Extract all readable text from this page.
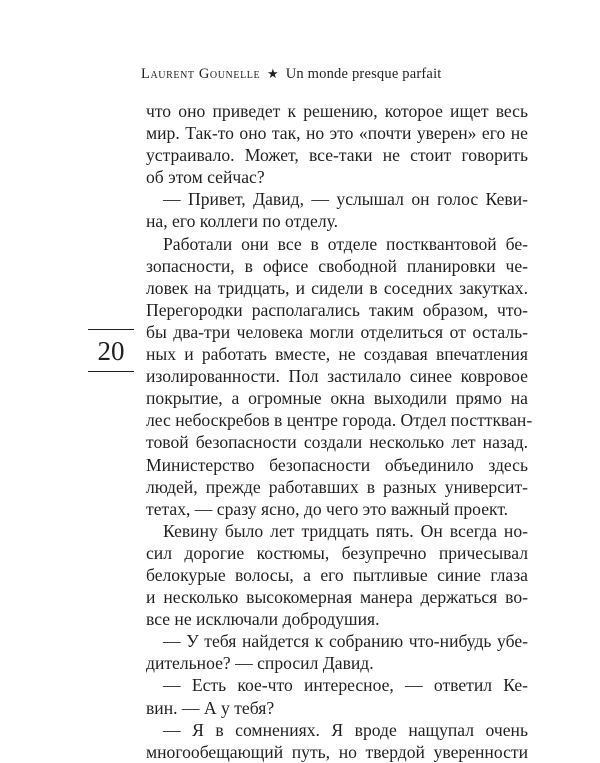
Laurent Gounelle ★ Un monde presque parfait
20
что оно приведет к решению, которое ищет весь
мир. Так-то оно так, но это «почти уверен» его не
устраивало. Может, все-таки не стоит говорить
об этом сейчас?
— Привет, Давид, — услышал он голос Кеви-
на, его коллеги по отделу.
Работали они все в отделе постквантовой бе-
зопасности, в офисе свободной планировки че-
ловек на тридцать, и сидели в соседних закутках.
Перегородки располагались таким образом, что-
бы два-три человека могли отделиться от осталь-
ных и работать вместе, не создавая впечатления
изолированности. Пол застилало синее ковровое
покрытие, а огромные окна выходили прямо на
лес небоскребов в центре города. Отдел постткван-
товой безопасности создали несколько лет назад.
Министерство безопасности объединило здесь
людей, прежде работавших в разных университ-
тетах, — сразу ясно, до чего это важный проект.
Кевину было лет тридцать пять. Он всегда но-
сил дорогие костюмы, безупречно причесывал
белокурые волосы, а его пытливые синие глаза
и несколько высокомерная манера держаться во-
все не исключали добродушия.
— У тебя найдется к собранию что-нибудь убе-
дительное? — спросил Давид.
— Есть кое-что интересное, — ответил Ке-
вин. — А у тебя?
— Я в сомнениях. Я вроде нащупал очень
многообещающий путь, но твердой уверенности
